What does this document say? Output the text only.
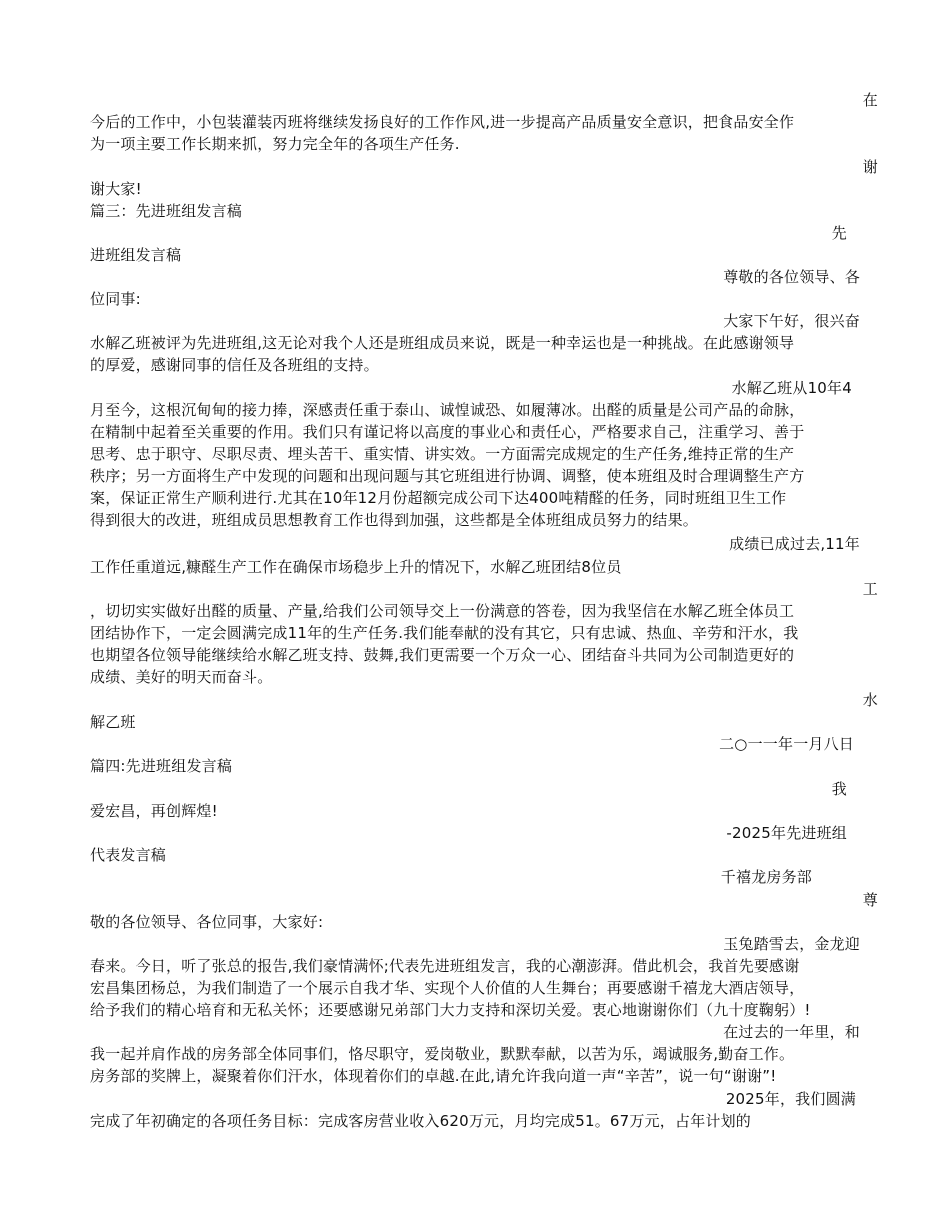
在
今后的工作中，小包装灌装丙班将继续发扬良好的工作作风,进一步提高产品质量安全意识，把食品安全作
为一项主要工作长期来抓，努力完全年的各项生产任务.
谢
谢大家!
篇三：先进班组发言稿
先
进班组发言稿
尊敬的各位领导、各
位同事:
大家下午好，很兴奋
水解乙班被评为先进班组,这无论对我个人还是班组成员来说，既是一种幸运也是一种挑战。在此感谢领导
的厚爱，感谢同事的信任及各班组的支持。
水解乙班从10年4
月至今，这根沉甸甸的接力捧，深感责任重于泰山、诚惶诚恐、如履薄冰。出醛的质量是公司产品的命脉，
在精制中起着至关重要的作用。我们只有谨记将以高度的事业心和责任心，严格要求自己，注重学习、善于
思考、忠于职守、尽职尽责、埋头苦干、重实情、讲实效。一方面需完成规定的生产任务,维持正常的生产
秩序；另一方面将生产中发现的问题和出现问题与其它班组进行协调、调整，使本班组及时合理调整生产方
案，保证正常生产顺利进行.尤其在10年12月份超额完成公司下达400吨精醛的任务，同时班组卫生工作
得到很大的改进，班组成员思想教育工作也得到加强，这些都是全体班组成员努力的结果。
成绩已成过去,11年
工作任重道远,糠醛生产工作在确保市场稳步上升的情况下，水解乙班团结8位员
工
，切切实实做好出醛的质量、产量,给我们公司领导交上一份满意的答卷，因为我坚信在水解乙班全体员工
团结协作下，一定会圆满完成11年的生产任务.我们能奉献的没有其它，只有忠诚、热血、辛劳和汗水，我
也期望各位领导能继续给水解乙班支持、鼓舞,我们更需要一个万众一心、团结奋斗共同为公司制造更好的
成绩、美好的明天而奋斗。
水
解乙班
二○一一年一月八日
篇四:先进班组发言稿
我
爱宏昌，再创辉煌!
-2025年先进班组
代表发言稿
千禧龙房务部
尊
敬的各位领导、各位同事，大家好:
玉兔踏雪去，金龙迎
春来。今日，听了张总的报告,我们豪情满怀;代表先进班组发言，我的心潮澎湃。借此机会，我首先要感谢
宏昌集团杨总，为我们制造了一个展示自我才华、实现个人价值的人生舞台；再要感谢千禧龙大酒店领导，
给予我们的精心培育和无私关怀；还要感谢兄弟部门大力支持和深切关爱。衷心地谢谢你们（九十度鞠躬）!
在过去的一年里，和
我一起并肩作战的房务部全体同事们，恪尽职守，爱岗敬业，默默奉献，以苦为乐，竭诚服务,勤奋工作。
房务部的奖牌上，凝聚着你们汗水，体现着你们的卓越.在此,请允许我向道一声“辛苦”，说一句“谢谢”!
2025年，我们圆满
完成了年初确定的各项任务目标：完成客房营业收入620万元，月均完成51。67万元，占年计划的
